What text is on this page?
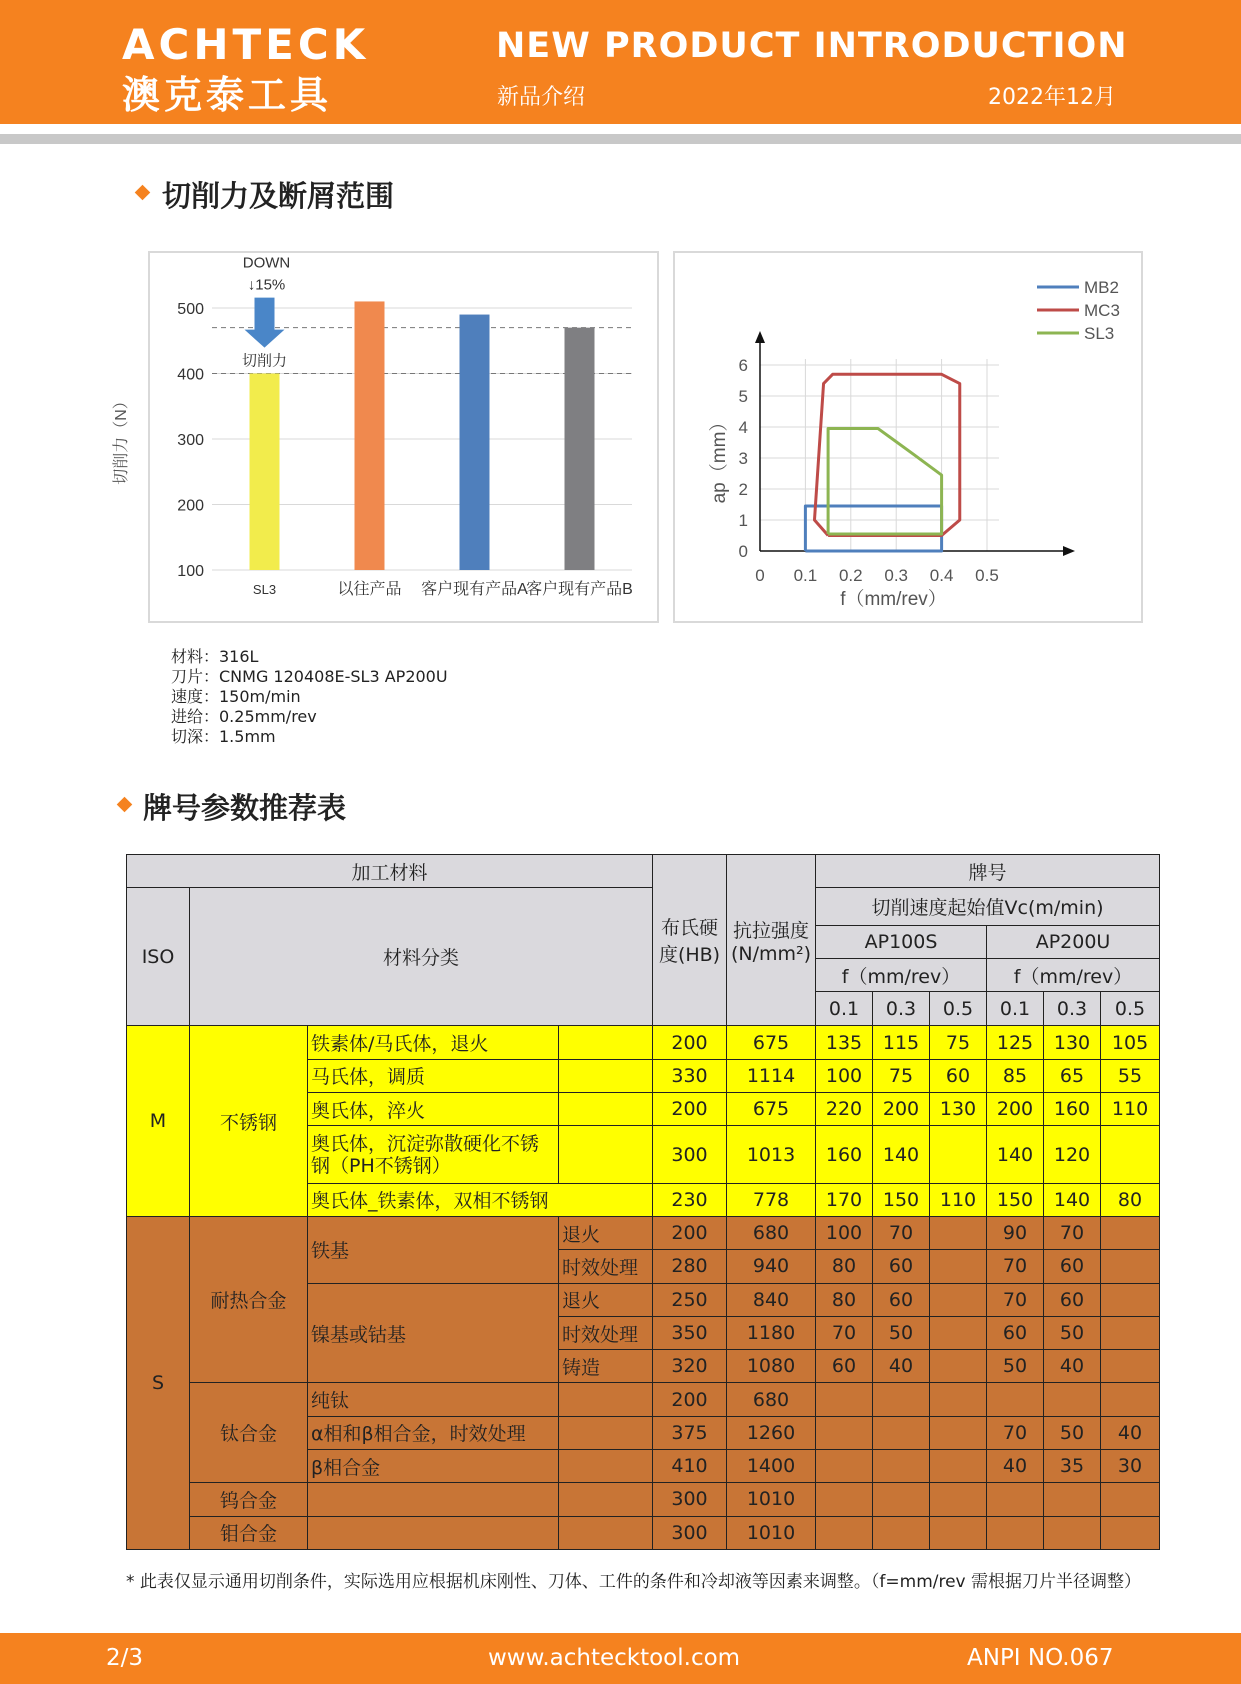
ACHTECK
澳克泰工具
NEW PRODUCT INTRODUCTION
新品介绍	2022年12月
切削力及断屑范围
100
200
300
400
500
切削力（N）
SL3	以往产品 客户现有产品A
客户现有产品B
DOWN
↓15%
切削力
0 0.1 0.2 0.3 0.4 0.5
0
1
2
3
4
5
6
f（mm/rev）
ap（mm）
MB2
MC3
SL3
材料：316L
刀片：CNMG 120408E-SL3 AP200U
速度：150m/min
进给：0.25mm/rev
切深：1.5mm
牌号参数推荐表
加工材料				布氏硬度(HB)	抗拉强度(N/mm²)	牌号					
ISO	材料分类					切削速度起始值Vc(m/min)					
						AP100S			AP200U		
						f（mm/rev）			f（mm/rev）		
						0.1	0.3	0.5	0.1	0.3	0.5
M	不锈钢	铁素体/马氏体，退火		200	675	135	115	75	125	130	105
		马氏体，调质		330	1114	100	75	60	85	65	55
		奥氏体，淬火		200	675	220	200	130	200	160	110
		奥氏体，沉淀弥散硬化不锈钢（PH不锈钢）		300	1013	160	140		140	120	
		奥氏体_铁素体，双相不锈钢		230	778	170	150	110	150	140	80
S	耐热合金	铁基	退火	200	680	100	70		90	70	
			时效处理	280	940	80	60		70	60	
		镍基或钴基	退火	250	840	80	60		70	60	
			时效处理	350	1180	70	50		60	50	
			铸造	320	1080	60	40		50	40	
	钛合金	纯钛		200	680						
		α相和β相合金，时效处理		375	1260				70	50	40
		β相合金		410	1400				40	35	30
	钨合金			300	1010						
	钼合金			300	1010						
* 此表仅显示通用切削条件，实际选用应根据机床刚性、刀体、工件的条件和冷却液等因素来调整。（f=mm/rev 需根据刀片半径调整）
2/3	www.achtecktool.com	ANPI NO.067
